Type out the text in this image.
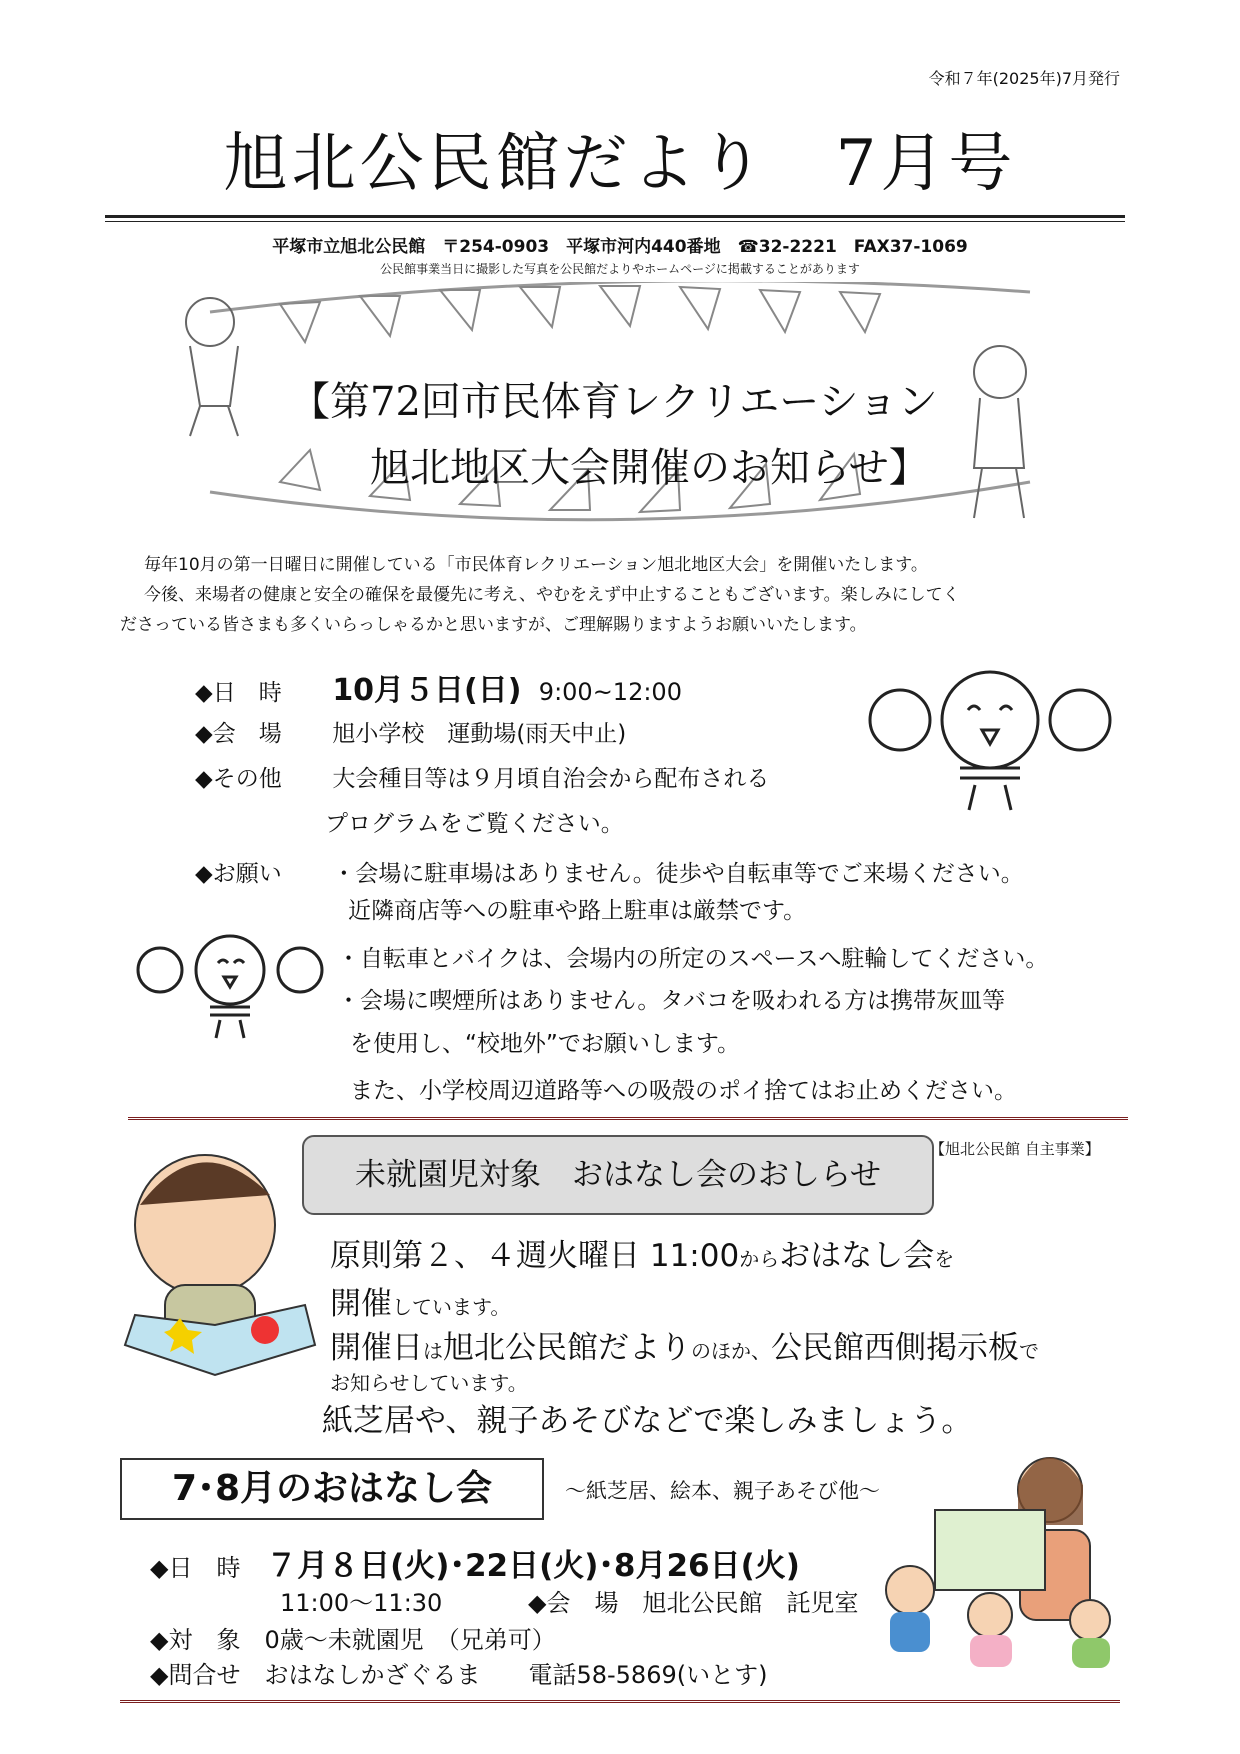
令和７年(2025年)7月発行
旭北公民館だより　7月号
平塚市立旭北公民館　〒254-0903　平塚市河内440番地　☎32-2221　FAX37-1069
公民館事業当日に撮影した写真を公民館だよりやホームページに掲載することがあります
【第72回市民体育レクリエーション
旭北地区大会開催のお知らせ】

毎年10月の第一日曜日に開催している「市民体育レクリエーション旭北地区大会」を開催いたします。

今後、来場者の健康と安全の確保を最優先に考え、やむをえず中止することもございます。楽しみにしてく

ださっている皆さまも多くいらっしゃるかと思いますが、ご理解賜りますようお願いいたします。

◆日　時 10月５日(日) 9:00~12:00
◆会　場 旭小学校　運動場(雨天中止)
◆その他 大会種目等は９月頃自治会から配布される
プログラムをご覧ください。
◆お願い ・会場に駐車場はありません。徒歩や自転車等でご来場ください。
近隣商店等への駐車や路上駐車は厳禁です。
・自転車とバイクは、会場内の所定のスペースへ駐輪してください。
・会場に喫煙所はありません。タバコを吸われる方は携帯灰皿等
を使用し、“校地外”でお願いします。
また、小学校周辺道路等への吸殻のポイ捨てはお止めください。
未就園児対象　おはなし会のおしらせ
【旭北公民館 自主事業】
原則第２、４週火曜日 11:00からおはなし会を
開催しています。
開催日は旭北公民館だよりのほか、公民館西側掲示板で
お知らせしています。
紙芝居や、親子あそびなどで楽しみましょう。
7･8月のおはなし会	～紙芝居、絵本、親子あそび他～
◆日　時 ７月８日(火)･22日(火)･8月26日(火)
11:00～11:30	◆会　場　旭北公民館　託児室
◆対　象　0歳～未就園児　（兄弟可）
◆問合せ　おはなしかざぐるま　　電話58-5869(いとす)
